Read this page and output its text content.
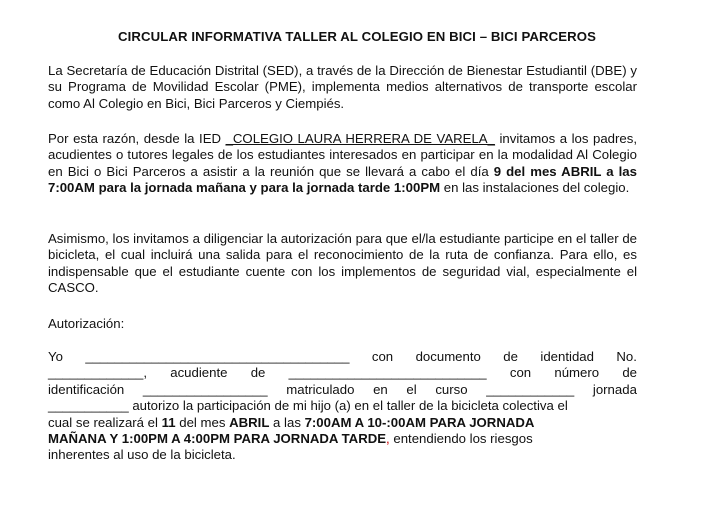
CIRCULAR INFORMATIVA TALLER AL COLEGIO EN BICI – BICI PARCEROS

La Secretaría de Educación Distrital (SED), a través de la Dirección de Bienestar Estudiantil (DBE) y su Programa de Movilidad Escolar (PME), implementa medios alternativos de transporte escolar como Al Colegio en Bici, Bici Parceros y Ciempiés.

Por esta razón, desde la IED _COLEGIO LAURA HERRERA DE VARELA_ invitamos a los padres, acudientes o tutores legales de los estudiantes interesados en participar en la modalidad Al Colegio en Bici o Bici Parceros a asistir a la reunión que se llevará a cabo el día 9 del mes ABRIL a las 7:00AM para la jornada mañana y para la jornada tarde 1:00PM en las instalaciones del colegio.

Asimismo, los invitamos a diligenciar la autorización para que el/la estudiante participe en el taller de bicicleta, el cual incluirá una salida para el reconocimiento de la ruta de confianza. Para ello, es indispensable que el estudiante cuente con los implementos de seguridad vial, especialmente el CASCO.

Autorización:

Yo ____________________________________ con documento de identidad No.
_____________, acudiente de ___________________________ con número de
identificación _________________ matriculado en el curso ____________ jornada
___________ autorizo la participación de mi hijo (a) en el taller de la bicicleta colectiva el
cual se realizará el 11 del mes ABRIL a las 7:00AM A 10-:00AM PARA JORNADA
MAÑANA Y 1:00PM A 4:00PM PARA JORNADA TARDE, entendiendo los riesgos
inherentes al uso de la bicicleta.
